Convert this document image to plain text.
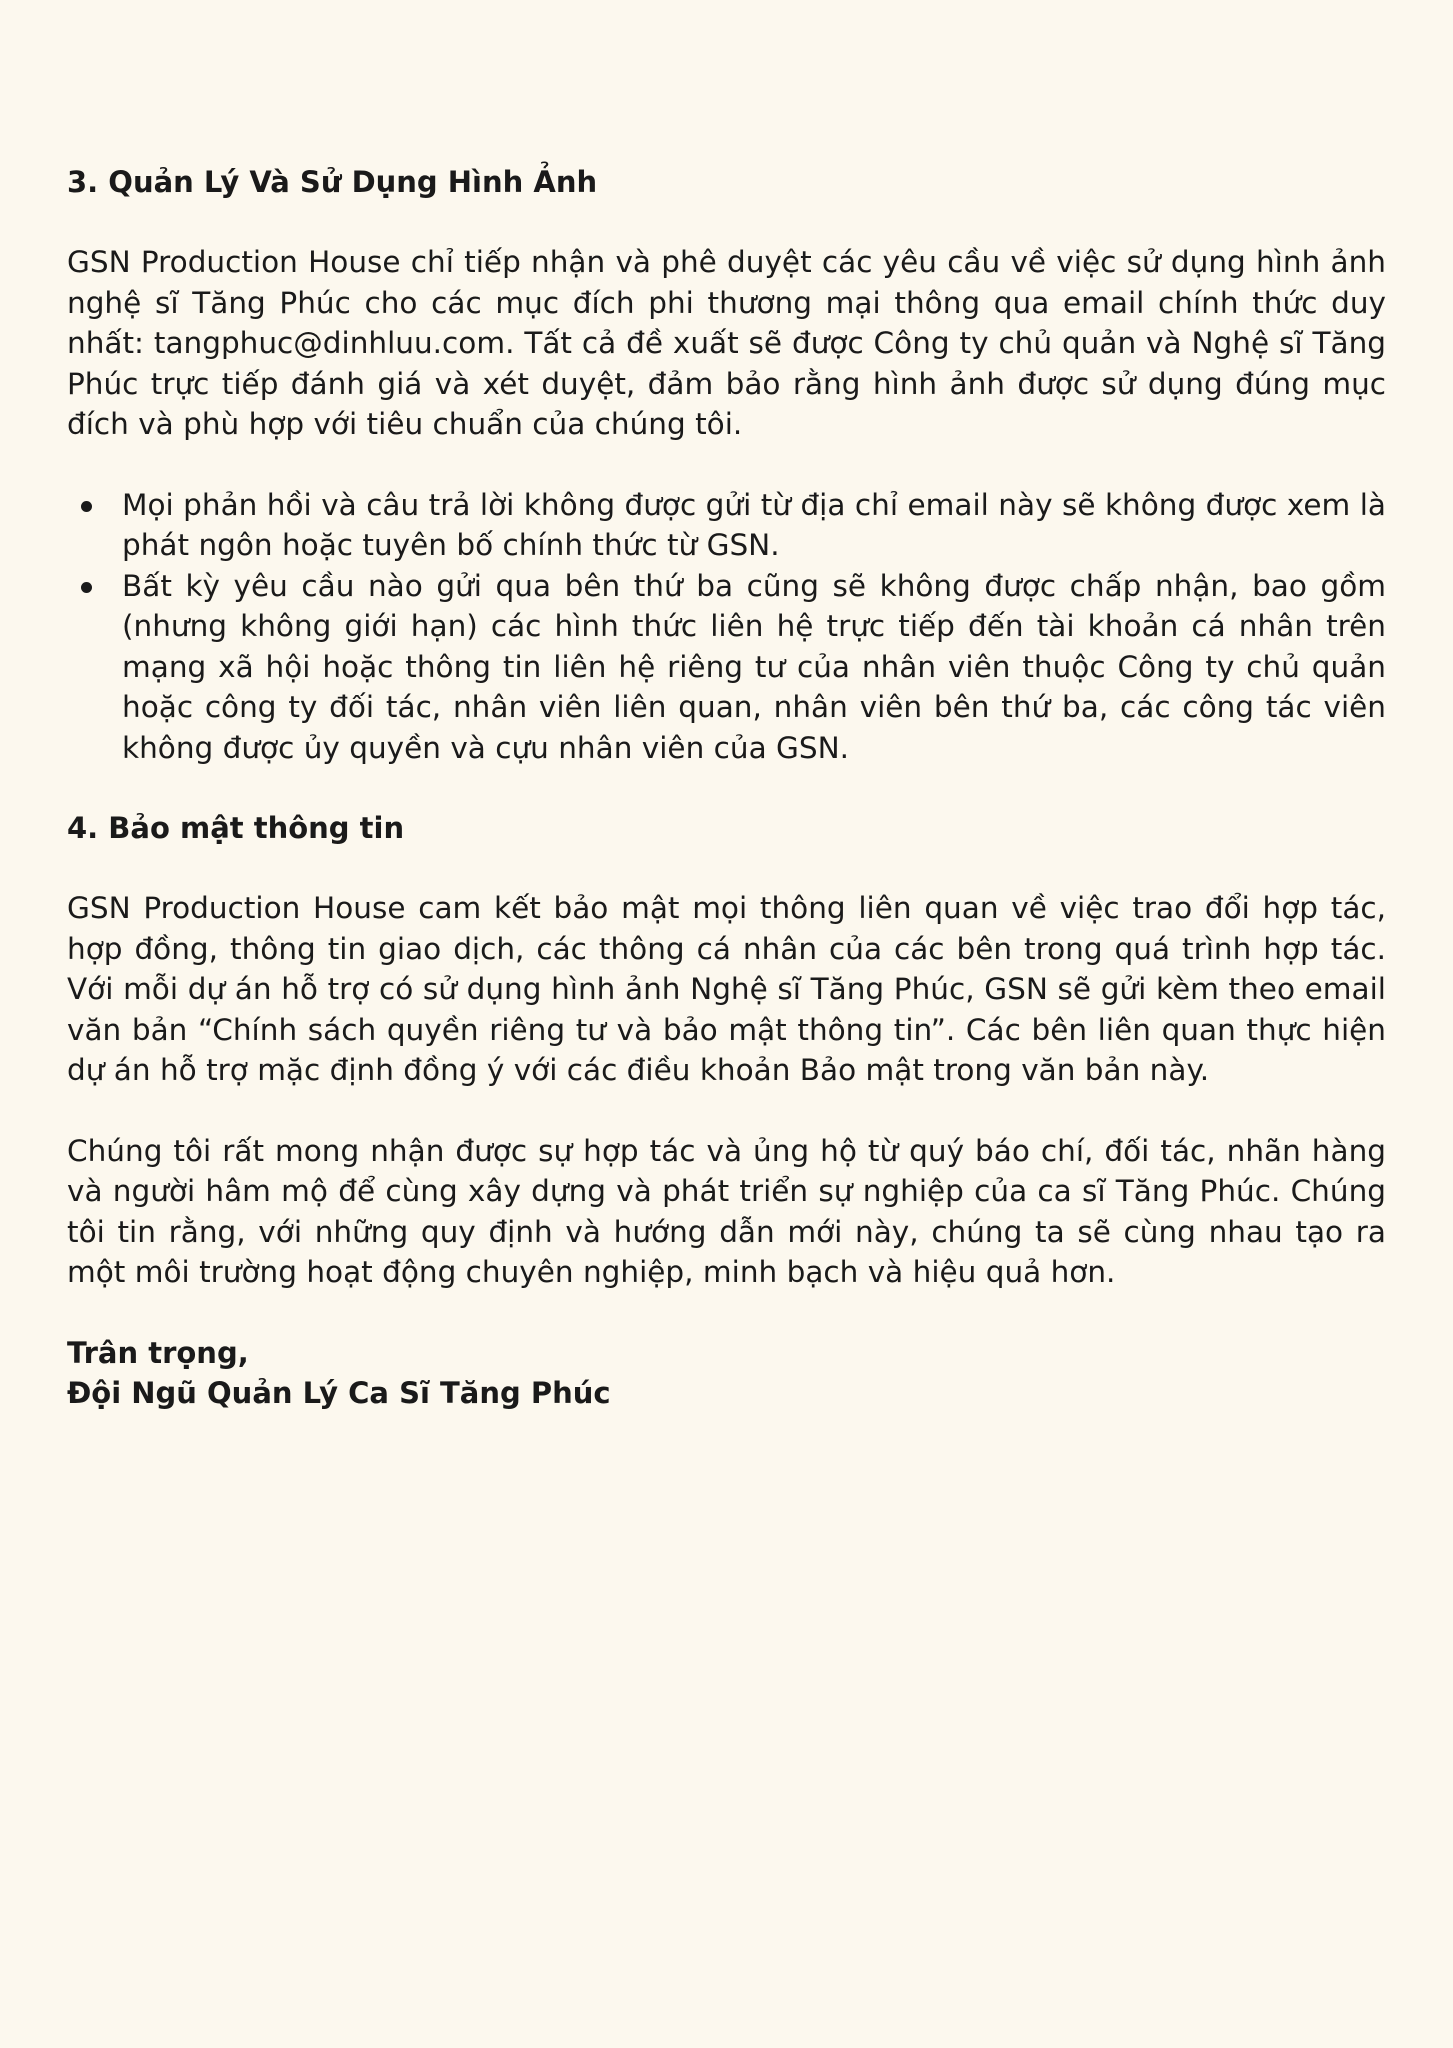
3. Quản Lý Và Sử Dụng Hình Ảnh

GSN Production House chỉ tiếp nhận và phê duyệt các yêu cầu về việc sử dụng hình ảnh nghệ sĩ Tăng Phúc cho các mục đích phi thương mại thông qua email chính thức duy nhất: tangphuc@dinhluu.com. Tất cả đề xuất sẽ được Công ty chủ quản và Nghệ sĩ Tăng Phúc trực tiếp đánh giá và xét duyệt, đảm bảo rằng hình ảnh được sử dụng đúng mục đích và phù hợp với tiêu chuẩn của chúng tôi.

Mọi phản hồi và câu trả lời không được gửi từ địa chỉ email này sẽ không được xem là phát ngôn hoặc tuyên bố chính thức từ GSN.
Bất kỳ yêu cầu nào gửi qua bên thứ ba cũng sẽ không được chấp nhận, bao gồm (nhưng không giới hạn) các hình thức liên hệ trực tiếp đến tài khoản cá nhân trên mạng xã hội hoặc thông tin liên hệ riêng tư của nhân viên thuộc Công ty chủ quản hoặc công ty đối tác, nhân viên liên quan, nhân viên bên thứ ba, các công tác viên không được ủy quyền và cựu nhân viên của GSN.

4. Bảo mật thông tin

GSN Production House cam kết bảo mật mọi thông liên quan về việc trao đổi hợp tác, hợp đồng, thông tin giao dịch, các thông cá nhân của các bên trong quá trình hợp tác. Với mỗi dự án hỗ trợ có sử dụng hình ảnh Nghệ sĩ Tăng Phúc, GSN sẽ gửi kèm theo email văn bản “Chính sách quyền riêng tư và bảo mật thông tin”. Các bên liên quan thực hiện dự án hỗ trợ mặc định đồng ý với các điều khoản Bảo mật trong văn bản này.

Chúng tôi rất mong nhận được sự hợp tác và ủng hộ từ quý báo chí, đối tác, nhãn hàng và người hâm mộ để cùng xây dựng và phát triển sự nghiệp của ca sĩ Tăng Phúc. Chúng tôi tin rằng, với những quy định và hướng dẫn mới này, chúng ta sẽ cùng nhau tạo ra một môi trường hoạt động chuyên nghiệp, minh bạch và hiệu quả hơn.

Trân trọng,

Đội Ngũ Quản Lý Ca Sĩ Tăng Phúc
